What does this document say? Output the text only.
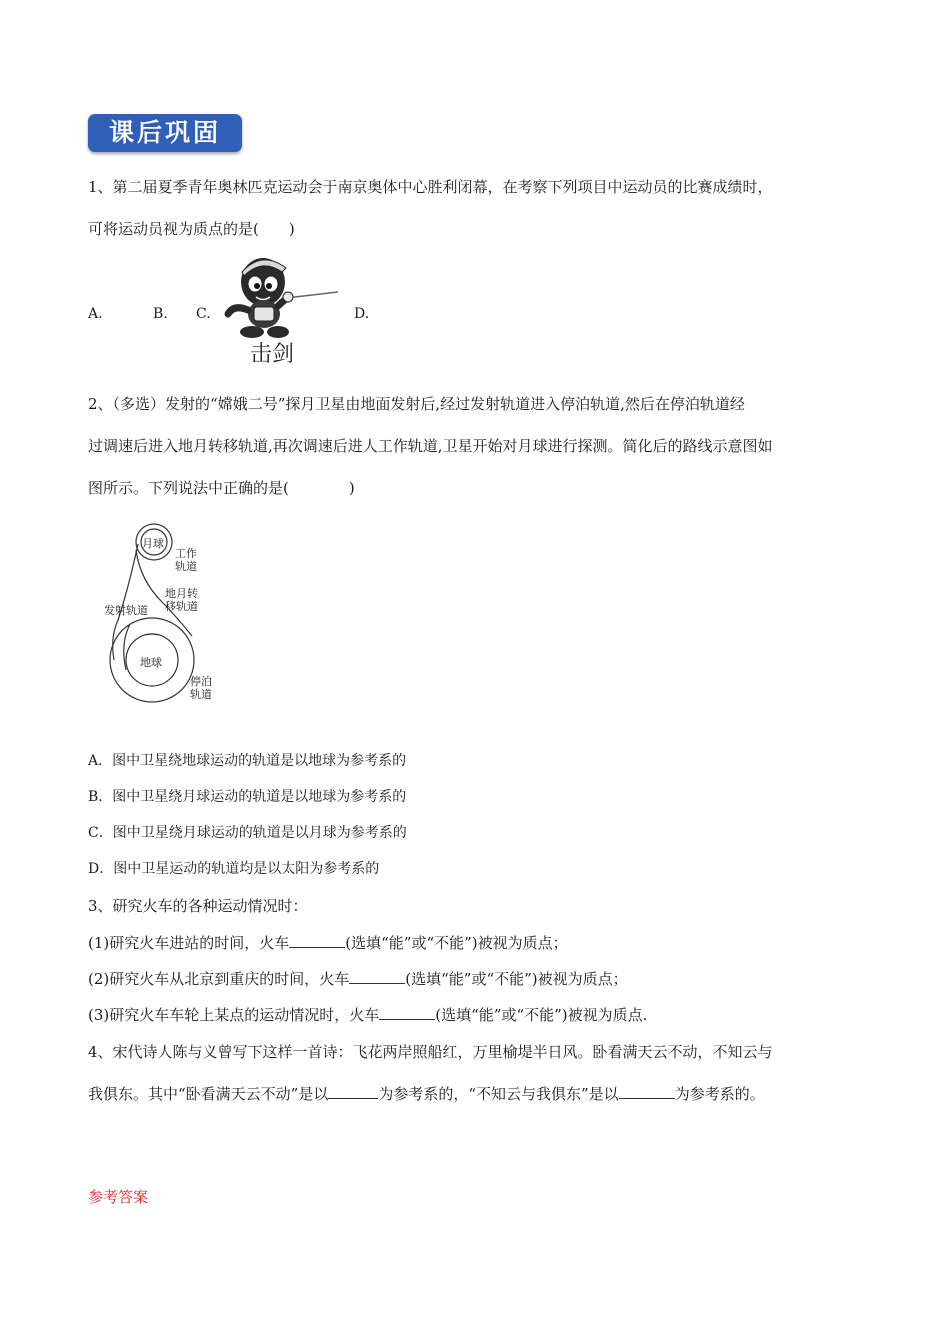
课后巩固
1、第二届夏季青年奥林匹克运动会于南京奥体中心胜利闭幕，在考察下列项目中运动员的比赛成绩时，
可将运动员视为质点的是(　　)
A.	B. C.	D.
击剑
2、（多选）发射的“嫦娥二号”探月卫星由地面发射后,经过发射轨道进入停泊轨道,然后在停泊轨道经
过调速后进入地月转移轨道,再次调速后进人工作轨道,卫星开始对月球进行探测。简化后的路线示意图如
图所示。下列说法中正确的是(　　　　)
月球
地球
工作
轨道
地月转
移轨道
发射轨道
停泊
轨道
A．图中卫星绕地球运动的轨道是以地球为参考系的
B．图中卫星绕月球运动的轨道是以地球为参考系的
C．图中卫星绕月球运动的轨道是以月球为参考系的
D．图中卫星运动的轨道均是以太阳为参考系的
3、研究火车的各种运动情况时：
(1)研究火车进站的时间，火车	(选填“能”或“不能”)被视为质点；
(2)研究火车从北京到重庆的时间，火车	(选填“能”或“不能”)被视为质点；
(3)研究火车车轮上某点的运动情况时，火车	(选填“能”或“不能”)被视为质点.
4、宋代诗人陈与义曾写下这样一首诗：飞花两岸照船红，万里榆堤半日风。卧看满天云不动，不知云与
我俱东。其中“卧看满天云不动”是以	为参考系的，“不知云与我俱东”是以	为参考系的。
参考答案
